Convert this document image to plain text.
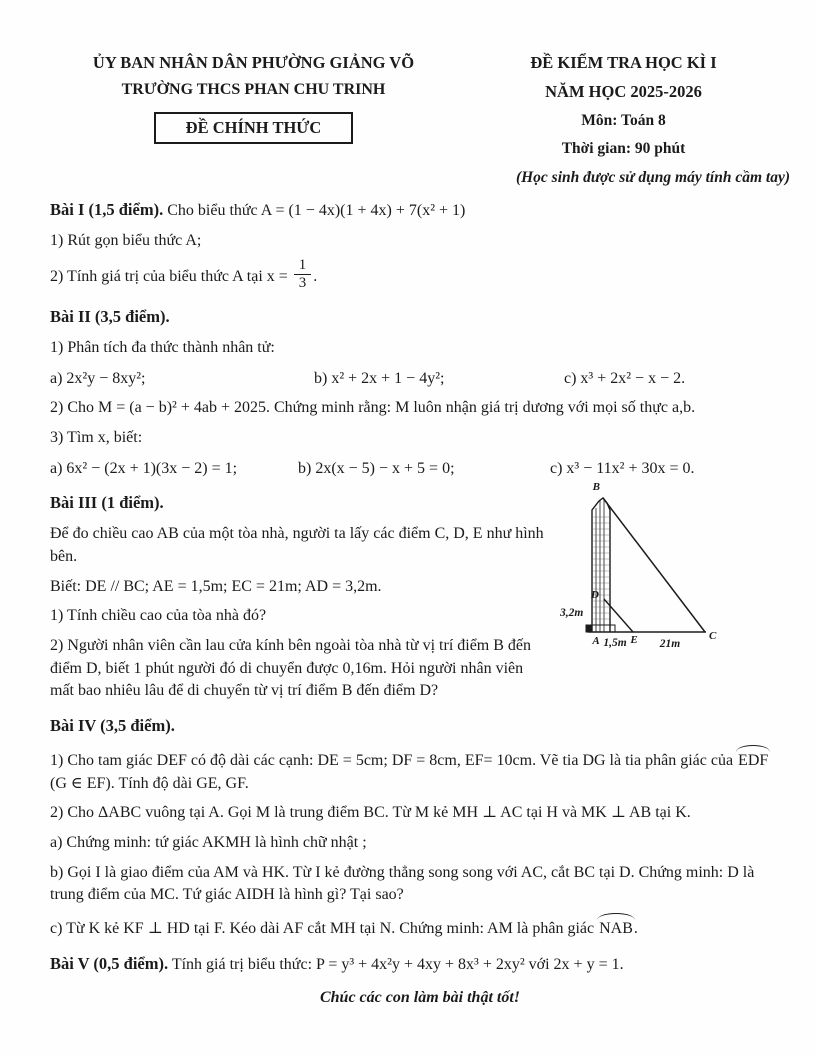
ỦY BAN NHÂN DÂN PHƯỜNG GIẢNG VÕ
TRƯỜNG THCS PHAN CHU TRINH
ĐỀ CHÍNH THỨC
ĐỀ KIỂM TRA HỌC KÌ I
NĂM HỌC 2025-2026
Môn: Toán 8
Thời gian: 90 phút
(Học sinh được sử dụng máy tính cầm tay)
Bài I (1,5 điểm). Cho biểu thức A = (1 − 4x)(1 + 4x) + 7(x² + 1)
1) Rút gọn biểu thức A;
2) Tính giá trị của biểu thức A tại $x = \frac{1}{3}$ .
Bài II (3,5 điểm).
1) Phân tích đa thức thành nhân tử:
a) 2x²y − 8xy²;	b) x² + 2x + 1 − 4y²;	c) x³ + 2x² − x − 2.
2) Cho M = (a − b)² + 4ab + 2025. Chứng minh rằng: M luôn nhận giá trị dương với mọi số thực a,b.
3) Tìm x, biết:
a) 6x² − (2x + 1)(3x − 2) = 1;	b) 2x(x − 5) − x + 5 = 0;	c) x³ − 11x² + 30x = 0.
B
D
A	E	C
3,2m
1,5m	21m
Bài III (1 điểm).
Để đo chiều cao AB của một tòa nhà, người ta lấy các điểm C, D, E như hình bên.
Biết: DE // BC; AE = 1,5m; EC = 21m; AD = 3,2m.
1) Tính chiều cao của tòa nhà đó?
2) Người nhân viên cần lau cửa kính bên ngoài tòa nhà từ vị trí điểm B đến điểm D, biết 1 phút người đó di chuyển được 0,16m. Hỏi người nhân viên mất bao nhiêu lâu để di chuyển từ vị trí điểm B đến điểm D?
Bài IV (3,5 điểm).
1) Cho tam giác DEF có độ dài các cạnh: DE = 5cm; DF = 8cm, EF= 10cm. Vẽ tia DG là tia phân giác của EDF (G ∈ EF). Tính độ dài GE, GF.
2) Cho ΔABC vuông tại A. Gọi M là trung điểm BC. Từ M kẻ MH ⊥ AC tại H và MK ⊥ AB tại K.
a) Chứng minh: tứ giác AKMH là hình chữ nhật ;
b) Gọi I là giao điểm của AM và HK. Từ I kẻ đường thẳng song song với AC, cắt BC tại D. Chứng minh: D là trung điểm của MC. Tứ giác AIDH là hình gì? Tại sao?
c) Từ K kẻ KF ⊥ HD tại F. Kéo dài AF cắt MH tại N. Chứng minh: AM là phân giác NAB.
Bài V (0,5 điểm). Tính giá trị biểu thức: P = y³ + 4x²y + 4xy + 8x³ + 2xy² với 2x + y = 1.
Chúc các con làm bài thật tốt!
